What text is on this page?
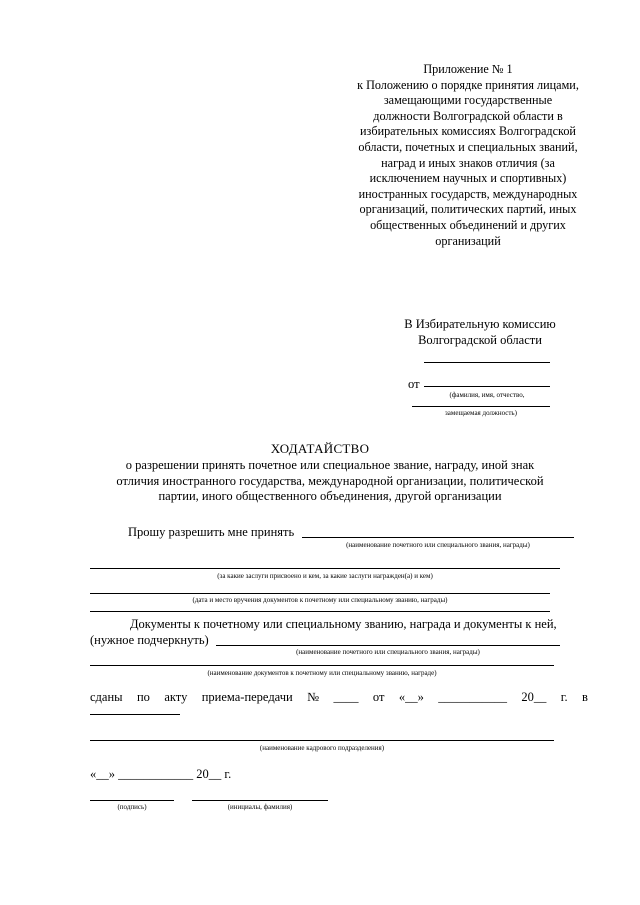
Приложение № 1
к Положению о порядке принятия лицами,
замещающими государственные
должности Волгоградской области в
избирательных комиссиях Волгоградской
области, почетных и специальных званий,
наград и иных знаков отличия (за
исключением научных и спортивных)
иностранных государств, международных
организаций, политических партий, иных
общественных объединений и других
организаций
В Избирательную комиссию
Волгоградской области
от
(фамилия, имя, отчество,
замещаемая должность)
ХОДАТАЙСТВО
о разрешении принять почетное или специальное звание, награду, иной знак
отличия иностранного государства, международной организации, политической
партии, иного общественного объединения, другой организации
Прошу разрешить мне принять
(наименование почетного или специального звания, награды)
(за какие заслуги присвоено и кем, за какие заслуги награжден(а) и кем)
(дата и место вручения документов к почетному или специальному званию, награды)
Документы к почетному или специальному званию, награда и документы к ней,
(нужное подчеркнуть)
(наименование почетного или специального звания, награды)
(наименование документов к почетному или специальному званию, награде)
сданы по акту приема-передачи № ____ от «__» ___________ 20__ г. в
(наименование кадрового подразделения)
«__» ____________ 20__ г.
(подпись)	(инициалы, фамилия)
